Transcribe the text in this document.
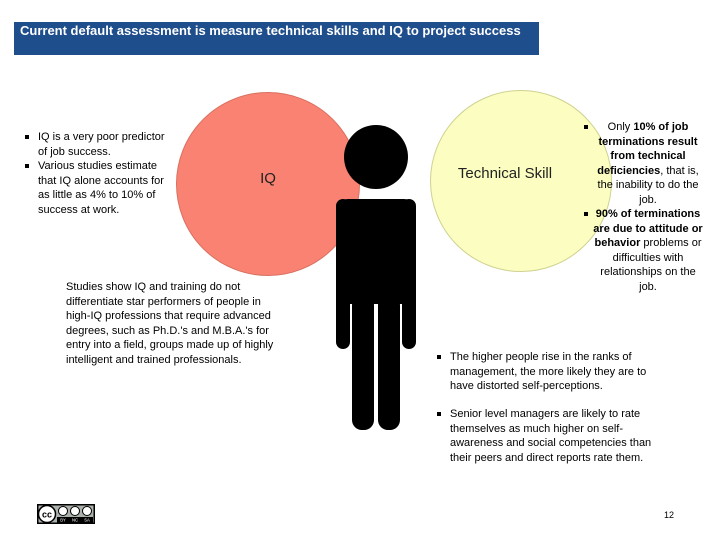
Current default assessment is measure technical skills and IQ to project success
IQ is a very poor predictor of job success.
Various studies estimate that IQ alone accounts for as little as 4% to 10% of success at work.
IQ	Technical Skill
Studies show IQ and training do not differentiate star performers of people in high-IQ professions that require advanced degrees, such as Ph.D.'s and M.B.A.'s for entry into a field, groups made up of highly intelligent and trained professionals.
Only 10% of job terminations result from technical deficiencies, that is, the inability to do the job.
90% of terminations are due to attitude or behavior problems or difficulties with relationships on the job.
The higher people rise in the ranks of management, the more likely they are to have distorted self-perceptions.
Senior level managers are likely to rate themselves as much higher on self-awareness and social competencies than their peers and direct reports rate them.
cc
BY NC SA
12
